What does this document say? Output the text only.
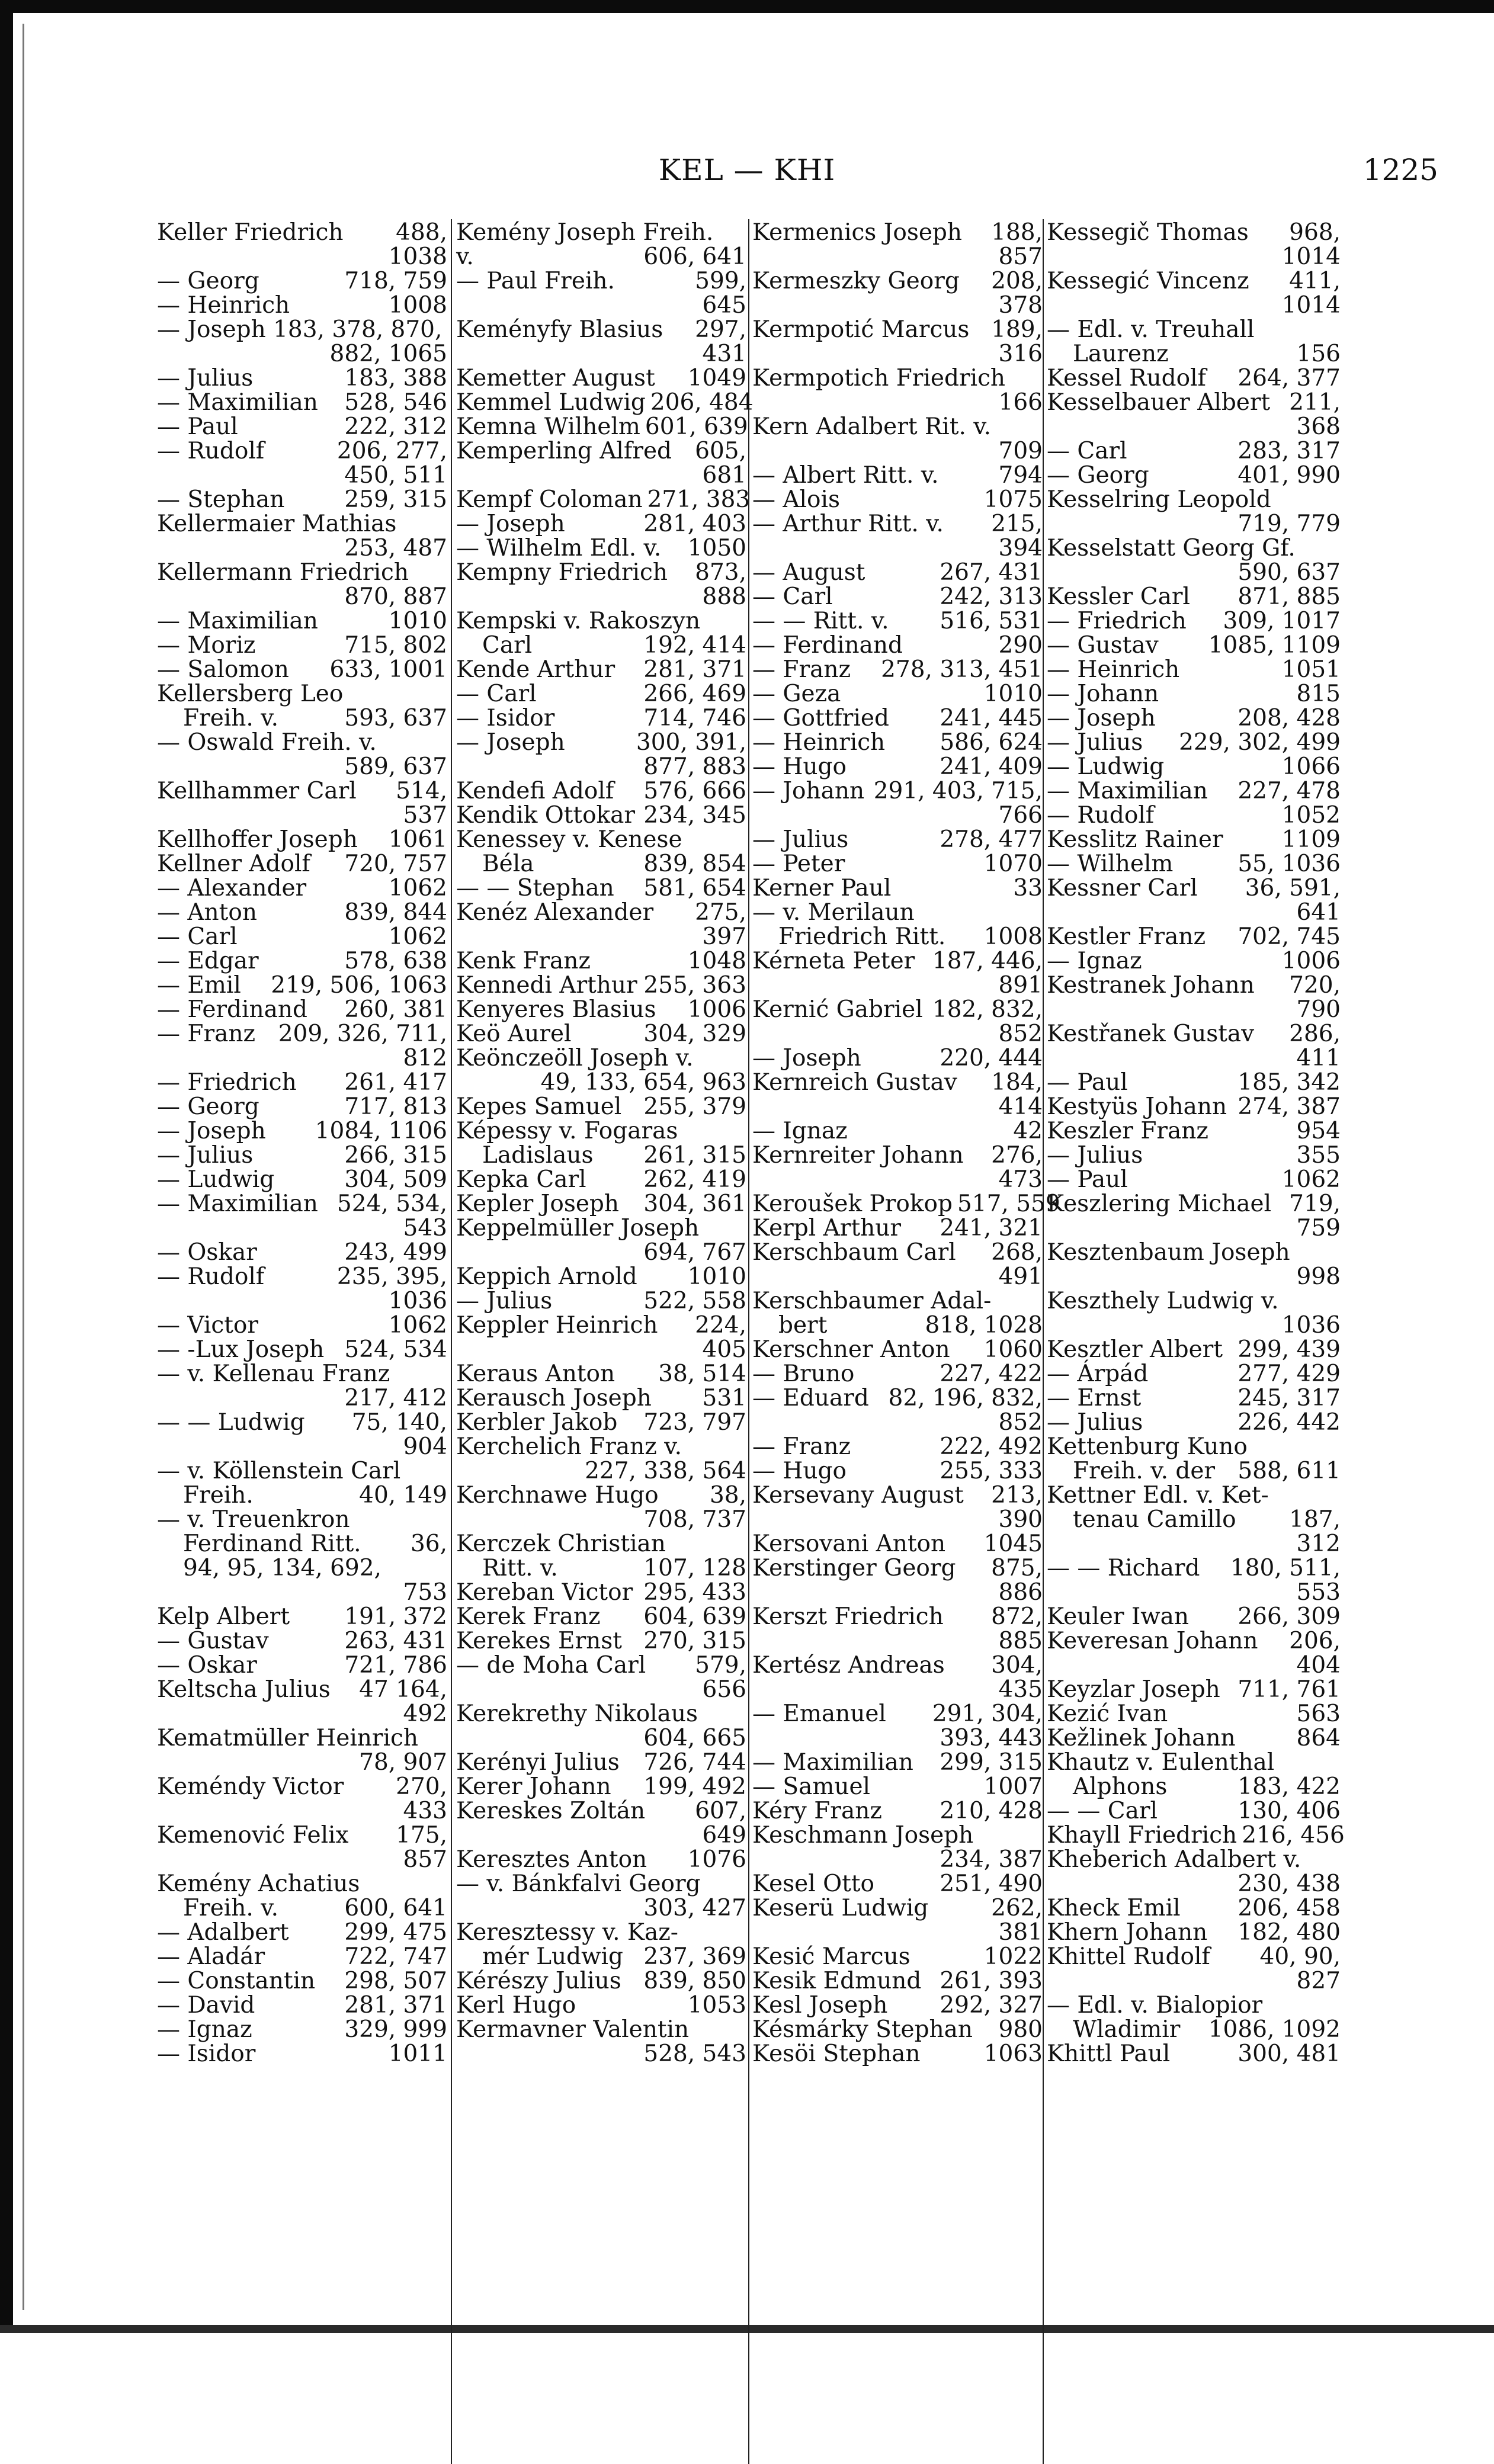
KEL — KHI	1225
Keller Friedrich 488,
1038
— Georg	718, 759
— Heinrich	1008
— Joseph 183, 378, 870,
882, 1065
— Julius	183, 388
— Maximilian 528, 546
— Paul	222, 312
— Rudolf	206, 277,
450, 511
— Stephan	259, 315
Kellermaier Mathias
253, 487
Kellermann Friedrich
870, 887
— Maximilian	1010
— Moriz	715, 802
— Salomon 633, 1001
Kellersberg Leo
Freih. v.	593, 637
— Oswald Freih. v.
589, 637
Kellhammer Carl 514,
537
Kellhoffer Joseph 1061
Kellner Adolf 720, 757
— Alexander	1062
— Anton	839, 844
— Carl	1062
— Edgar	578, 638
— Emil 219, 506, 1063
— Ferdinand 260, 381
— Franz 209, 326, 711,
812
— Friedrich 261, 417
— Georg	717, 813
— Joseph 1084, 1106
— Julius	266, 315
— Ludwig	304, 509
— Maximilian 524, 534,
543
— Oskar	243, 499
— Rudolf	235, 395,
1036
— Victor	1062
— -Lux Joseph 524, 534
— v. Kellenau Franz
217, 412
— — Ludwig 75, 140,
904
— v. Köllenstein Carl
Freih.	40, 149
— v. Treuenkron
Ferdinand Ritt. 36,
94, 95, 134, 692,
753
Kelp Albert 191, 372
— Gustav	263, 431
— Oskar	721, 786
Keltscha Julius 47 164,
492
Kematmüller Heinrich
78, 907
Keméndy Victor 270,
433
Kemenović Felix 175,
857
Kemény Achatius
Freih. v.	600, 641
— Adalbert 299, 475
— Aladár	722, 747
— Constantin 298, 507
— David	281, 371
— Ignaz	329, 999
— Isidor	1011
Kemény Joseph Freih.
v.	606, 641
— Paul Freih.	599,
645
Keményfy Blasius 297,
431
Kemetter August 1049
Kemmel Ludwig 206, 484
Kemna Wilhelm 601, 639
Kemperling Alfred 605,
681
Kempf Coloman 271, 383
— Joseph	281, 403
— Wilhelm Edl. v. 1050
Kempny Friedrich 873,
888
Kempski v. Rakoszyn
Carl	192, 414
Kende Arthur 281, 371
— Carl	266, 469
— Isidor	714, 746
— Joseph	300, 391,
877, 883
Kendefi Adolf 576, 666
Kendik Ottokar 234, 345
Kenessey v. Kenese
Béla	839, 854
— — Stephan 581, 654
Kenéz Alexander 275,
397
Kenk Franz	1048
Kennedi Arthur 255, 363
Kenyeres Blasius 1006
Keö Aurel	304, 329
Keönczeöll Joseph v.
49, 133, 654, 963
Kepes Samuel 255, 379
Képessy v. Fogaras
Ladislaus 261, 315
Kepka Carl 262, 419
Kepler Joseph 304, 361
Keppelmüller Joseph
694, 767
Keppich Arnold 1010
— Julius	522, 558
Keppler Heinrich 224,
405
Keraus Anton 38, 514
Kerausch Joseph 531
Kerbler Jakob 723, 797
Kerchelich Franz v.
227, 338, 564
Kerchnawe Hugo 38,
708, 737
Kerczek Christian
Ritt. v.	107, 128
Kereban Victor 295, 433
Kerek Franz 604, 639
Kerekes Ernst 270, 315
— de Moha Carl 579,
656
Kerekrethy Nikolaus
604, 665
Kerényi Julius 726, 744
Kerer Johann 199, 492
Kereskes Zoltán 607,
649
Keresztes Anton 1076
— v. Bánkfalvi Georg
303, 427
Keresztessy v. Kaz-
mér Ludwig 237, 369
Kérészy Julius 839, 850
Kerl Hugo	1053
Kermavner Valentin
528, 543
Kermenics Joseph 188,
857
Kermeszky Georg 208,
378
Kermpotić Marcus 189,
316
Kermpotich Friedrich
166
Kern Adalbert Rit. v.
709
— Albert Ritt. v.	794
— Alois	1075
— Arthur Ritt. v. 215,
394
— August	267, 431
— Carl	242, 313
— — Ritt. v. 516, 531
— Ferdinand	290
— Franz 278, 313, 451
— Geza	1010
— Gottfried 241, 445
— Heinrich 586, 624
— Hugo	241, 409
— Johann 291, 403, 715,
766
— Julius	278, 477
— Peter	1070
Kerner Paul	33
— v. Merilaun
Friedrich Ritt. 1008
Kérneta Peter 187, 446,
891
Kernić Gabriel 182, 832,
852
— Joseph	220, 444
Kernreich Gustav 184,
414
— Ignaz	42
Kernreiter Johann 276,
473
Keroušek Prokop 517, 559
Kerpl Arthur 241, 321
Kerschbaum Carl 268,
491
Kerschbaumer Adal-
bert	818, 1028
Kerschner Anton 1060
— Bruno	227, 422
— Eduard 82, 196, 832,
852
— Franz	222, 492
— Hugo	255, 333
Kersevany August 213,
390
Kersovani Anton 1045
Kerstinger Georg 875,
886
Kerszt Friedrich 872,
885
Kertész Andreas 304,
435
— Emanuel 291, 304,
393, 443
— Maximilian 299, 315
— Samuel	1007
Kéry Franz 210, 428
Keschmann Joseph
234, 387
Kesel Otto	251, 490
Keserü Ludwig	262,
381
Kesić Marcus	1022
Kesik Edmund 261, 393
Kesl Joseph 292, 327
Késmárky Stephan 980
Kesöi Stephan	1063
Kessegič Thomas 968,
1014
Kessegić Vincenz 411,
1014
— Edl. v. Treuhall
Laurenz	156
Kessel Rudolf 264, 377
Kesselbauer Albert 211,
368
— Carl	283, 317
— Georg	401, 990
Kesselring Leopold
719, 779
Kesselstatt Georg Gf.
590, 637
Kessler Carl 871, 885
— Friedrich 309, 1017
— Gustav 1085, 1109
— Heinrich	1051
— Johann	815
— Joseph	208, 428
— Julius 229, 302, 499
— Ludwig	1066
— Maximilian 227, 478
— Rudolf	1052
Kesslitz Rainer	1109
— Wilhelm	55, 1036
Kessner Carl 36, 591,
641
Kestler Franz 702, 745
— Ignaz	1006
Kestranek Johann 720,
790
Kestřanek Gustav 286,
411
— Paul	185, 342
Kestyüs Johann 274, 387
Keszler Franz	954
— Julius	355
— Paul	1062
Keszlering Michael 719,
759
Kesztenbaum Joseph
998
Keszthely Ludwig v.
1036
Kesztler Albert 299, 439
— Árpád	277, 429
— Ernst	245, 317
— Julius	226, 442
Kettenburg Kuno
Freih. v. der 588, 611
Kettner Edl. v. Ket-
tenau Camillo 187,
312
— — Richard 180, 511,
553
Keuler Iwan 266, 309
Keveresan Johann 206,
404
Keyzlar Joseph 711, 761
Kezić Ivan	563
Kežlinek Johann	864
Khautz v. Eulenthal
Alphons	183, 422
— — Carl	130, 406
Khayll Friedrich 216, 456
Kheberich Adalbert v.
230, 438
Kheck Emil 206, 458
Khern Johann 182, 480
Khittel Rudolf 40, 90,
827
— Edl. v. Bialopior
Wladimir 1086, 1092
Khittl Paul	300, 481
